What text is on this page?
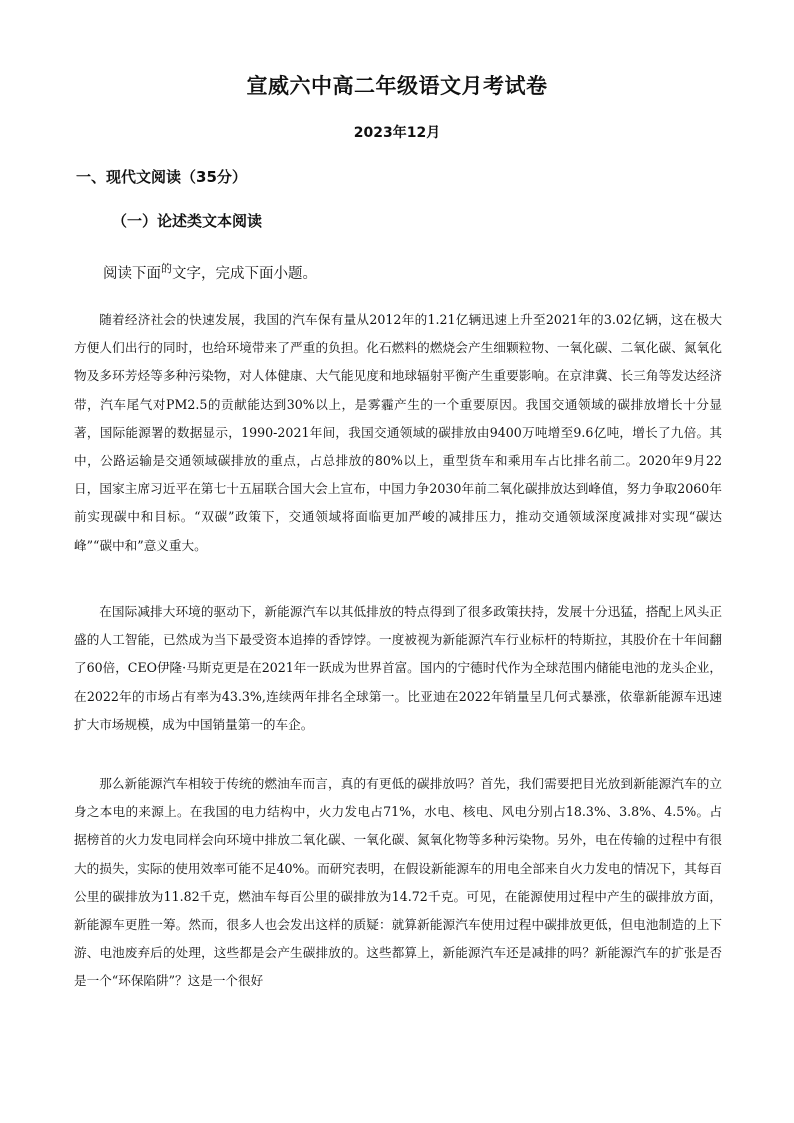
宣威六中高二年级语文月考试卷
2023年12月
一、现代文阅读（35分）
（一）论述类文本阅读
阅读下面$^的$文字，完成下面小题。

随着经济社会的快速发展，我国的汽车保有量从2012年的1.21亿辆迅速上升至2021年的3.02亿辆，这在极大方便人们出行的同时，也给环境带来了严重的负担。化石燃料的燃烧会产生细颗粒物、一氧化碳、二氧化碳、氮氧化物及多环芳烃等多种污染物，对人体健康、大气能见度和地球辐射平衡产生重要影响。在京津冀、长三角等发达经济带，汽车尾气对PM2.5的贡献能达到30%以上，是雾霾产生的一个重要原因。我国交通领域的碳排放增长十分显著，国际能源署的数据显示，1990-2021年间，我国交通领域的碳排放由9400万吨增至9.6亿吨，增长了九倍。其中，公路运输是交通领域碳排放的重点，占总排放的80%以上，重型货车和乘用车占比排名前二。2020年9月22日，国家主席习近平在第七十五届联合国大会上宣布，中国力争2030年前二氧化碳排放达到峰值，努力争取2060年前实现碳中和目标。“双碳”政策下，交通领域将面临更加严峻的减排压力，推动交通领域深度减排对实现“碳达峰”“碳中和”意义重大。

在国际减排大环境的驱动下，新能源汽车以其低排放的特点得到了很多政策扶持，发展十分迅猛，搭配上风头正盛的人工智能，已然成为当下最受资本追捧的香饽饽。一度被视为新能源汽车行业标杆的特斯拉，其股价在十年间翻了60倍，CEO伊隆·马斯克更是在2021年一跃成为世界首富。国内的宁德时代作为全球范围内储能电池的龙头企业，在2022年的市场占有率为43.3%,连续两年排名全球第一。比亚迪在2022年销量呈几何式暴涨，依靠新能源车迅速扩大市场规模，成为中国销量第一的车企。

那么新能源汽车相较于传统的燃油车而言，真的有更低的碳排放吗？首先，我们需要把目光放到新能源汽车的立身之本电的来源上。在我国的电力结构中，火力发电占71%，水电、核电、风电分别占18.3%、3.8%、4.5%。占据榜首的火力发电同样会向环境中排放二氧化碳、一氧化碳、氮氧化物等多种污染物。另外，电在传输的过程中有很大的损失，实际的使用效率可能不足40%。而研究表明，在假设新能源车的用电全部来自火力发电的情况下，其每百公里的碳排放为11.82千克，燃油车每百公里的碳排放为14.72千克。可见，在能源使用过程中产生的碳排放方面，新能源车更胜一筹。然而，很多人也会发出这样的质疑：就算新能源汽车使用过程中碳排放更低，但电池制造的上下游、电池废弃后的处理，这些都是会产生碳排放的。这些都算上，新能源汽车还是减排的吗？新能源汽车的扩张是否是一个“环保陷阱”？这是一个很好
